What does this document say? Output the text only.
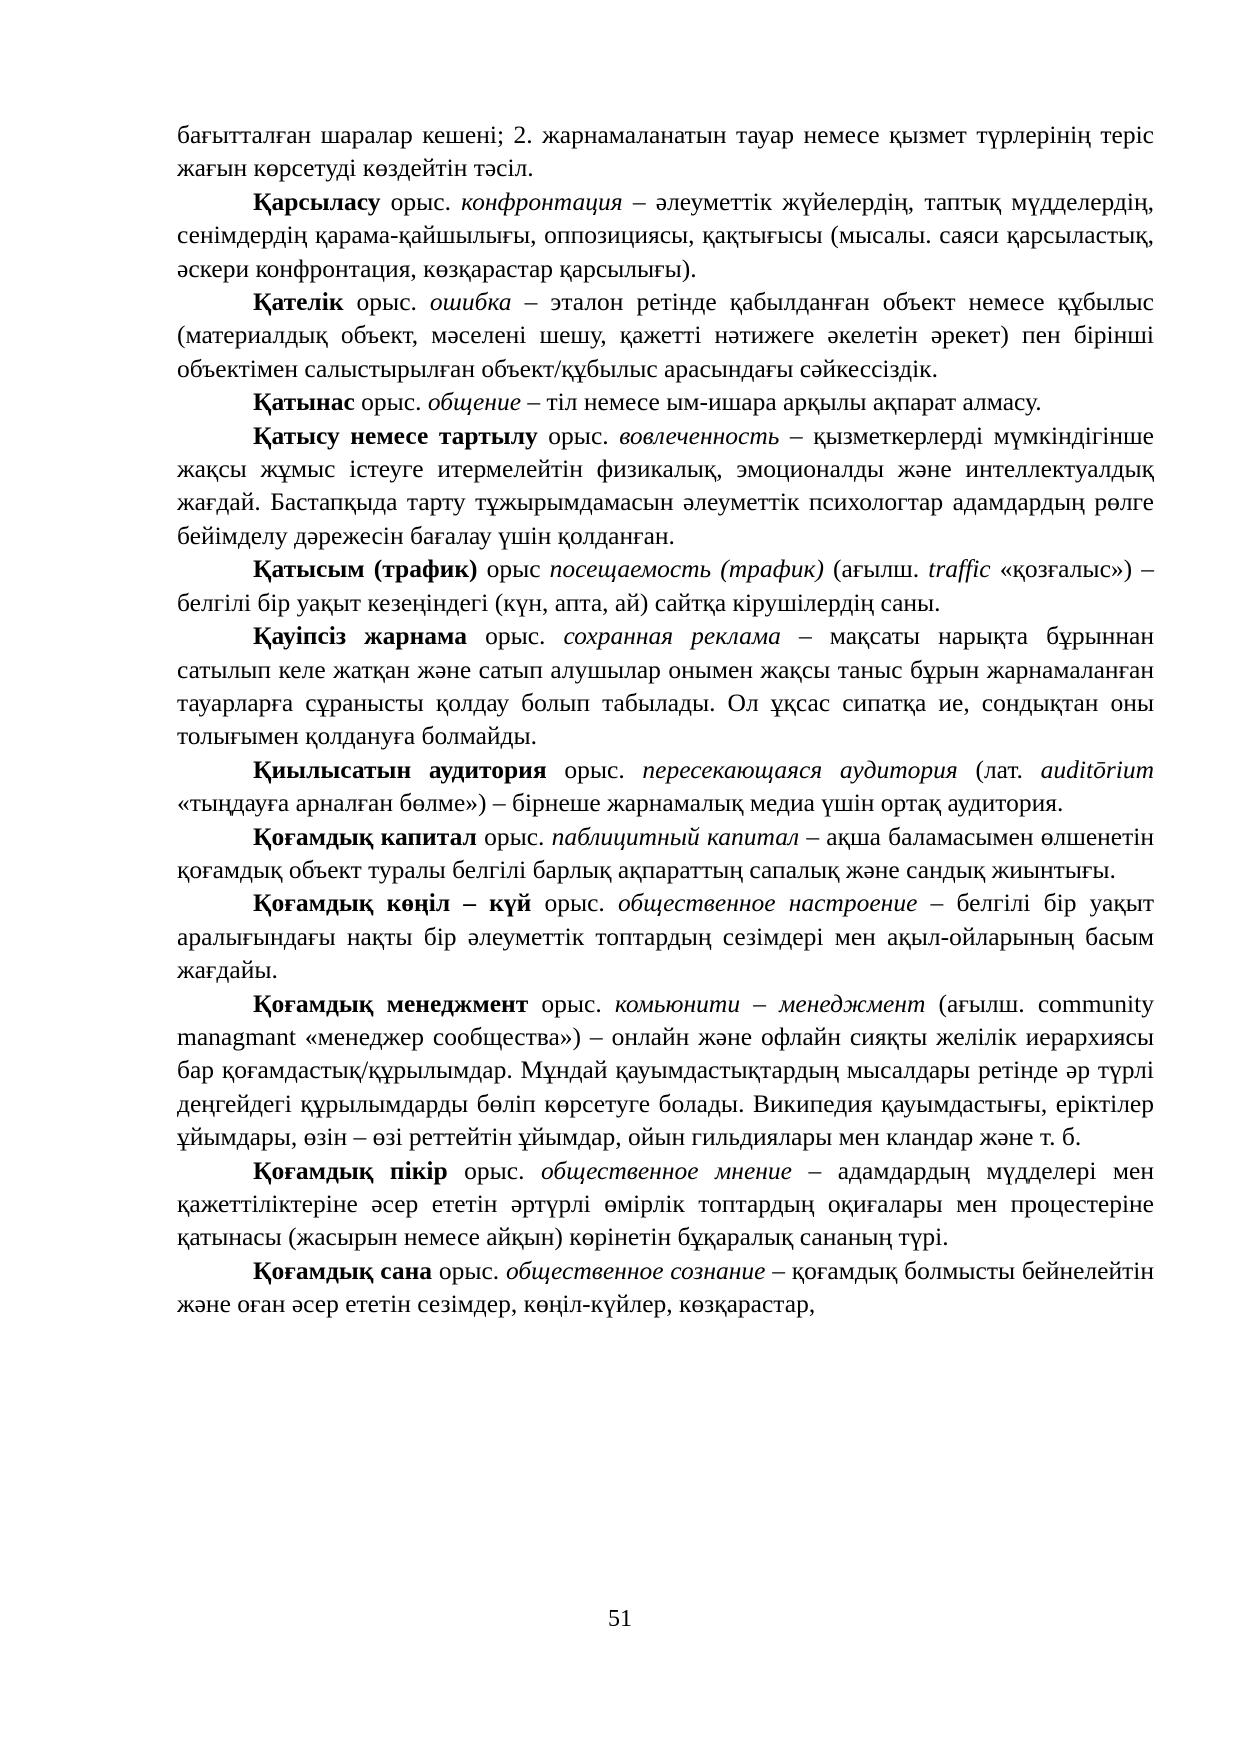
бағытталған шаралар кешені; 2. жарнамаланатын тауар немесе қызмет түрлерінің теріс жағын көрсетуді көздейтін тәсіл.

Қарсыласу орыс. конфронтация – әлеуметтік жүйелердің, таптық мүдделердің, сенімдердің қарама-қайшылығы, оппозициясы, қақтығысы (мысалы. саяси қарсыластық, әскери конфронтация, көзқарастар қарсылығы).

Қателік орыс. ошибка – эталон ретінде қабылданған объект немесе құбылыс (материалдық объект, мәселені шешу, қажетті нәтижеге әкелетін әрекет) пен бірінші объектімен салыстырылған объект/құбылыс арасындағы сәйкессіздік.

Қатынас орыс. общение – тіл немесе ым-ишара арқылы ақпарат алмасу.

Қатысу немесе тартылу орыс. вовлеченность – қызметкерлерді мүмкіндігінше жақсы жұмыс істеуге итермелейтін физикалық, эмоционалды және интеллектуалдық жағдай. Бастапқыда тарту тұжырымдамасын әлеуметтік психологтар адамдардың рөлге бейімделу дәрежесін бағалау үшін қолданған.

Қатысым (трафик) орыс посещаемость (трафик) (ағылш. traffic «қозғалыс») – белгілі бір уақыт кезеңіндегі (күн, апта, ай) сайтқа кірушілердің саны.

Қауіпсіз жарнама орыс. сохранная реклама – мақсаты нарықта бұрыннан сатылып келе жатқан және сатып алушылар онымен жақсы таныс бұрын жарнамаланған тауарларға сұранысты қолдау болып табылады. Ол ұқсас сипатқа ие, сондықтан оны толығымен қолдануға болмайды.

Қиылысатын аудитория орыс. пересекающаяся аудитория (лат. auditōrium «тыңдауға арналған бөлме») – бірнеше жарнамалық медиа үшін ортақ аудитория.

Қоғамдық капитал орыс. паблицитный капитал – ақша баламасымен өлшенетін қоғамдық объект туралы белгілі барлық ақпараттың сапалық және сандық жиынтығы.

Қоғамдық көңіл – күй орыс. общественное настроение – белгілі бір уақыт аралығындағы нақты бір әлеуметтік топтардың сезімдері мен ақыл-ойларының басым жағдайы.

Қоғамдық менеджмент орыс. комьюнити – менеджмент (ағылш. community managmant «менеджер сообщества») – онлайн және офлайн сияқты желілік иерархиясы бар қоғамдастық/құрылымдар. Мұндай қауымдастықтардың мысалдары ретінде әр түрлі деңгейдегі құрылымдарды бөліп көрсетуге болады. Википедия қауымдастығы, еріктілер ұйымдары, өзін – өзі реттейтін ұйымдар, ойын гильдиялары мен кландар және т. б.

Қоғамдық пікір орыс. общественное мнение – адамдардың мүдделері мен қажеттіліктеріне әсер ететін әртүрлі өмірлік топтардың оқиғалары мен процестеріне қатынасы (жасырын немесе айқын) көрінетін бұқаралық сананың түрі.

Қоғамдық сана орыс. общественное сознание – қоғамдық болмысты бейнелейтін және оған әсер ететін сезімдер, көңіл-күйлер, көзқарастар,

51
